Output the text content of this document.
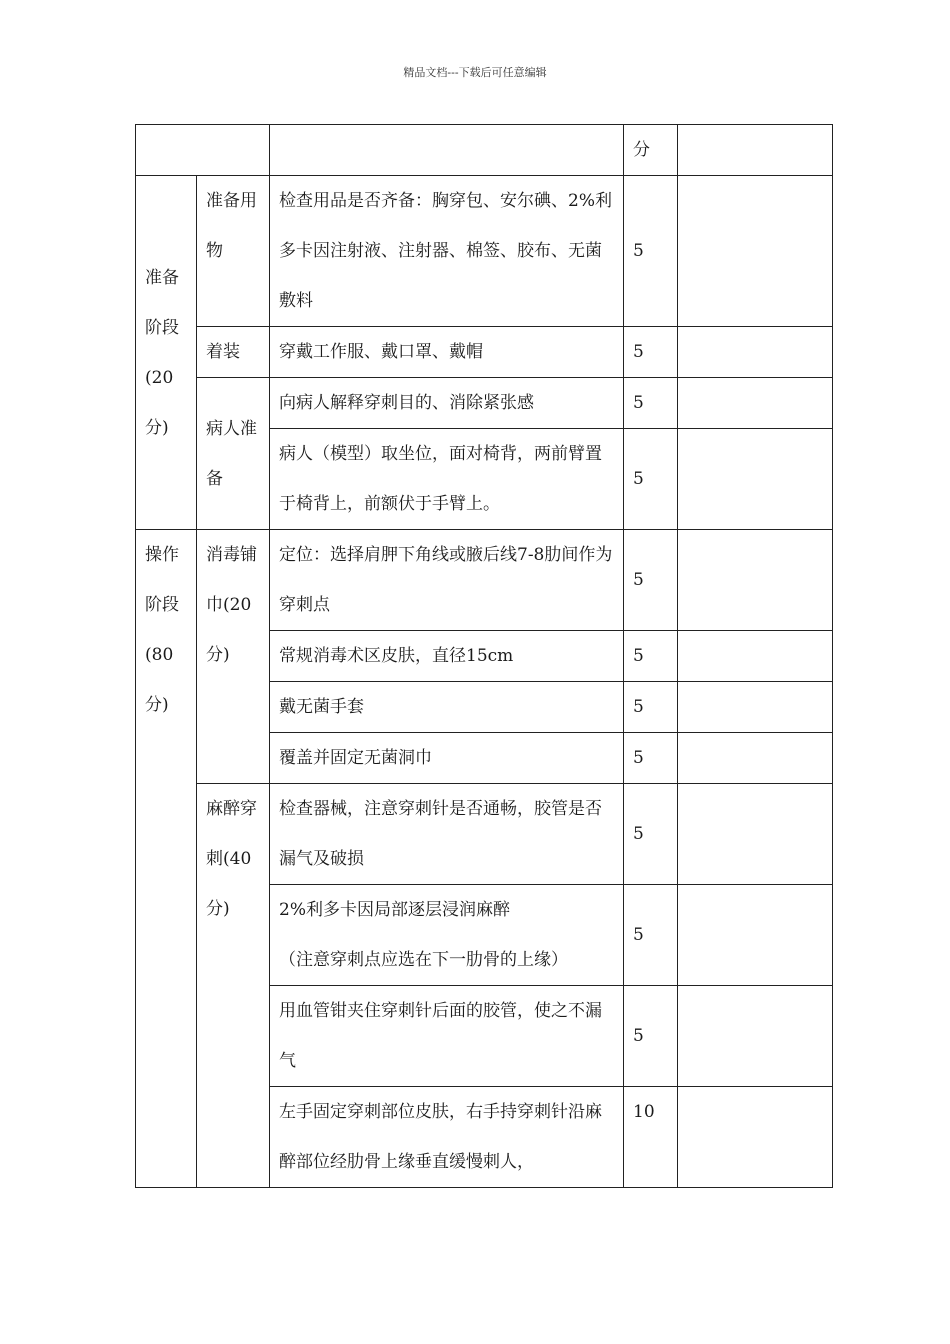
精品文档---下载后可任意编辑
			分	
准备阶段(20分)	准备用物	检查用品是否齐备：胸穿包、安尔碘、2%利多卡因注射液、注射器、棉签、胶布、无菌敷料	5	
	着装	穿戴工作服、戴口罩、戴帽	5	
	病人准备	向病人解释穿刺目的、消除紧张感	5	
		病人（模型）取坐位，面对椅背，两前臂置于椅背上，前额伏于手臂上。	5	
操作阶段(80分)	消毒铺巾(20分)	定位：选择肩胛下角线或腋后线7-8肋间作为穿刺点	5	
		常规消毒术区皮肤，直径15cm	5	
		戴无菌手套	5	
		覆盖并固定无菌洞巾	5	
	麻醉穿刺(40分)	检查器械，注意穿刺针是否通畅，胶管是否漏气及破损	5	

		2%利多卡因局部逐层浸润麻醉
（注意穿刺点应选在下一肋骨的上缘）	5	
		用血管钳夹住穿刺针后面的胶管，使之不漏气	5	
		左手固定穿刺部位皮肤，右手持穿刺针沿麻醉部位经肋骨上缘垂直缓慢刺人，	10	
